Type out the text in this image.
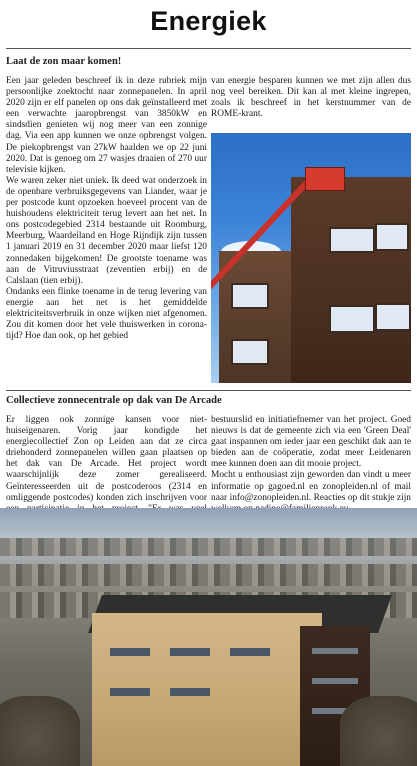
Energiek
Laat de zon maar komen!

Een jaar geleden beschreef ik in deze rubriek mijn persoonlijke zoektocht naar zonnepanelen. In april 2020 zijn er elf panelen op ons dak geïnstalleerd met een verwachte jaaropbrengst van 3850kW en sindsdien genieten wij nog meer van een zonnige dag. Via een app kunnen we onze opbrengst volgen. De piekopbrengst van 27kW haalden we op 22 juni 2020. Dat is genoeg om 27 wasjes draaien of 270 uur televisie kijken.

We waren zeker niet uniek. Ik deed wat onderzoek in de openbare verbruiksgegevens van Liander, waar je per postcode kunt opzoeken hoeveel procent van de huishoudens elektriciteit terug levert aan het net. In ons postcodegebied 2314 bestaande uit Roomburg, Meerburg, Waardeiland en Hoge Rijndijk zijn tussen 1 januari 2019 en 31 december 2020 maar liefst 120 zonnedaken bijgekomen! De grootste toename was aan de Vitruviusstraat (zeventien erbij) en de Calslaan (tien erbij).

Ondanks een flinke toename in de terug levering van energie aan het net is het gemiddelde elektriciteitsverbruik in onze wijken niet afgenomen. Zou dit komen door het vele thuiswerken in corona-tijd? Hoe dan ook, op het gebied

van energie besparen kunnen we met zijn allen dus nog veel bereiken. Dit kan al met kleine ingrepen, zoals ik beschreef in het kerstnummer van de ROME-krant.

Collectieve zonnecentrale op dak van De Arcade

Er liggen ook zonnige kansen voor niet-huiseigenaren. Vorig jaar kondigde het energiecollectief Zon op Leiden aan dat ze circa driehonderd zonnepanelen willen gaan plaatsen op het dak van De Arcade. Het project wordt waarschijnlijk deze zomer gerealiseerd. Geïnteresseerden uit de postcoderoos (2314 en omliggende postcodes) konden zich inschrijven voor

bestuurslid en initiatiefnemer van het project. Goed nieuws is dat de gemeente zich via een 'Green Deal' gaat inspannen om ieder jaar een geschikt dak aan te bieden aan de coöperatie, zodat meer Leidenaren mee kunnen doen aan dit mooie project.

Mocht u enthousiast zijn geworden dan vindt u meer informatie op gagoed.nl en zonopleiden.nl of mail naar info@zonopleiden.nl. Reacties op dit stukje zijn
